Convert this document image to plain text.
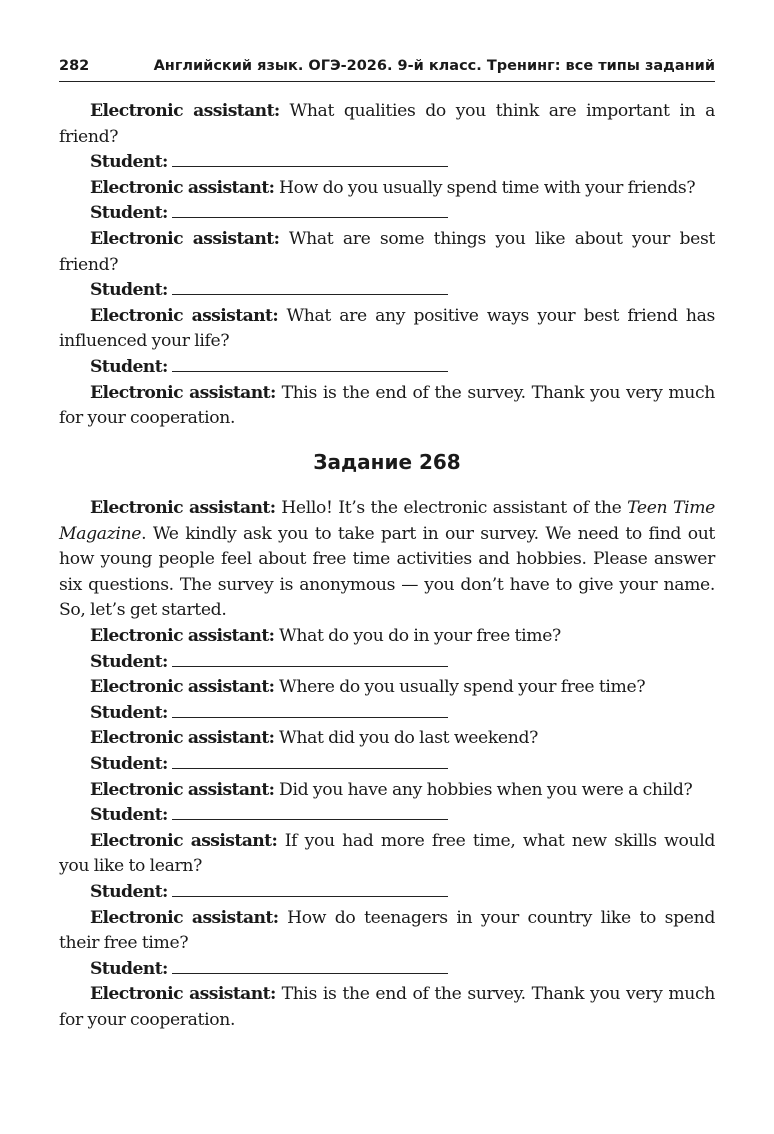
282	Английский язык. ОГЭ-2026. 9-й класс. Тренинг: все типы заданий

Electronic assistant: What qualities do you think are important in a friend?

Student:

Electronic assistant: How do you usually spend time with your friends?

Student:

Electronic assistant: What are some things you like about your best friend?

Student:

Electronic assistant: What are any positive ways your best friend has influenced your life?

Student:

Electronic assistant: This is the end of the survey. Thank you very much for your cooperation.

Задание 268

Electronic assistant: Hello! It’s the electronic assistant of the Teen Time Magazine. We kindly ask you to take part in our survey. We need to find out how young people feel about free time activities and hobbies. Please answer six questions. The survey is anonymous — you don’t have to give your name. So, let’s get started.

Electronic assistant: What do you do in your free time?

Student:

Electronic assistant: Where do you usually spend your free time?

Student:

Electronic assistant: What did you do last weekend?

Student:

Electronic assistant: Did you have any hobbies when you were a child?

Student:

Electronic assistant: If you had more free time, what new skills would you like to learn?

Student:

Electronic assistant: How do teenagers in your country like to spend their free time?

Student:

Electronic assistant: This is the end of the survey. Thank you very much for your cooperation.
